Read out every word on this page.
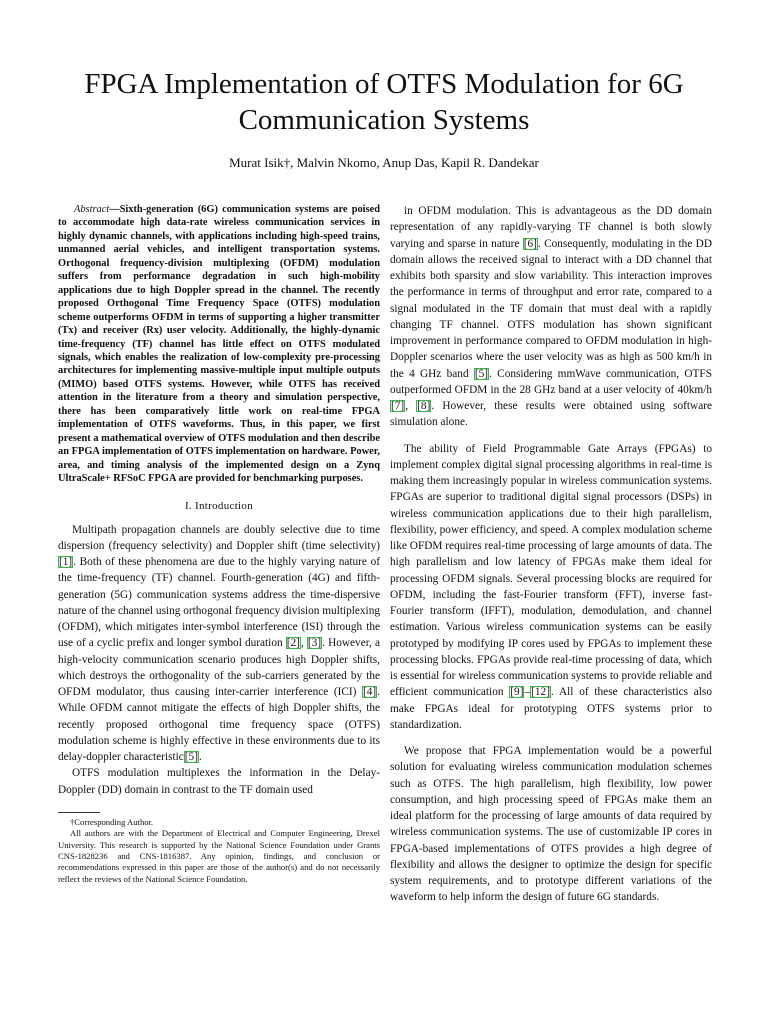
FPGA Implementation of OTFS Modulation for 6G Communication Systems
Murat Isik†, Malvin Nkomo, Anup Das, Kapil R. Dandekar

Abstract—Sixth-generation (6G) communication systems are poised to accommodate high data-rate wireless communication services in highly dynamic channels, with applications including high-speed trains, unmanned aerial vehicles, and intelligent transportation systems. Orthogonal frequency-division multiplexing (OFDM) modulation suffers from performance degradation in such high-mobility applications due to high Doppler spread in the channel. The recently proposed Orthogonal Time Frequency Space (OTFS) modulation scheme outperforms OFDM in terms of supporting a higher transmitter (Tx) and receiver (Rx) user velocity. Additionally, the highly-dynamic time-frequency (TF) channel has little effect on OTFS modulated signals, which enables the realization of low-complexity pre-processing architectures for implementing massive-multiple input multiple outputs (MIMO) based OTFS systems. However, while OTFS has received attention in the literature from a theory and simulation perspective, there has been comparatively little work on real-time FPGA implementation of OTFS waveforms. Thus, in this paper, we first present a mathematical overview of OTFS modulation and then describe an FPGA implementation of OTFS implementation on hardware. Power, area, and timing analysis of the implemented design on a Zynq UltraScale+ RFSoC FPGA are provided for benchmarking purposes.

I. Introduction

Multipath propagation channels are doubly selective due to time dispersion (frequency selectivity) and Doppler shift (time selectivity) [1]. Both of these phenomena are due to the highly varying nature of the time-frequency (TF) channel. Fourth-generation (4G) and fifth-generation (5G) communication systems address the time-dispersive nature of the channel using orthogonal frequency division multiplexing (OFDM), which mitigates inter-symbol interference (ISI) through the use of a cyclic prefix and longer symbol duration [2], [3]. However, a high-velocity communication scenario produces high Doppler shifts, which destroys the orthogonality of the sub-carriers generated by the OFDM modulator, thus causing inter-carrier interference (ICI) [4]. While OFDM cannot mitigate the effects of high Doppler shifts, the recently proposed orthogonal time frequency space (OTFS) modulation scheme is highly effective in these environments due to its delay-doppler characteristic[5].

OTFS modulation multiplexes the information in the Delay-Doppler (DD) domain in contrast to the TF domain used

†Corresponding Author.

All authors are with the Department of Electrical and Computer Engineering, Drexel University. This research is supported by the National Science Foundation under Grants CNS-1828236 and CNS-1816387. Any opinion, findings, and conclusion or recommendations expressed in this paper are those of the author(s) and do not necessarily reflect the reviews of the National Science Foundation.

in OFDM modulation. This is advantageous as the DD domain representation of any rapidly-varying TF channel is both slowly varying and sparse in nature [6]. Consequently, modulating in the DD domain allows the received signal to interact with a DD channel that exhibits both sparsity and slow variability. This interaction improves the performance in terms of throughput and error rate, compared to a signal modulated in the TF domain that must deal with a rapidly changing TF channel. OTFS modulation has shown significant improvement in performance compared to OFDM modulation in high-Doppler scenarios where the user velocity was as high as 500 km/h in the 4 GHz band [5]. Considering mmWave communication, OTFS outperformed OFDM in the 28 GHz band at a user velocity of 40km/h [7], [8]. However, these results were obtained using software simulation alone.

The ability of Field Programmable Gate Arrays (FPGAs) to implement complex digital signal processing algorithms in real-time is making them increasingly popular in wireless communication systems. FPGAs are superior to traditional digital signal processors (DSPs) in wireless communication applications due to their high parallelism, flexibility, power efficiency, and speed. A complex modulation scheme like OFDM requires real-time processing of large amounts of data. The high parallelism and low latency of FPGAs make them ideal for processing OFDM signals. Several processing blocks are required for OFDM, including the fast-Fourier transform (FFT), inverse fast-Fourier transform (IFFT), modulation, demodulation, and channel estimation. Various wireless communication systems can be easily prototyped by modifying IP cores used by FPGAs to implement these processing blocks. FPGAs provide real-time processing of data, which is essential for wireless communication systems to provide reliable and efficient communication [9]–[12]. All of these characteristics also make FPGAs ideal for prototyping OTFS systems prior to standardization.

We propose that FPGA implementation would be a powerful solution for evaluating wireless communication modulation schemes such as OTFS. The high parallelism, high flexibility, low power consumption, and high processing speed of FPGAs make them an ideal platform for the processing of large amounts of data required by wireless communication systems. The use of customizable IP cores in FPGA-based implementations of OTFS provides a high degree of flexibility and allows the designer to optimize the design for specific system requirements, and to prototype different variations of the waveform to help inform the design of future 6G standards.
